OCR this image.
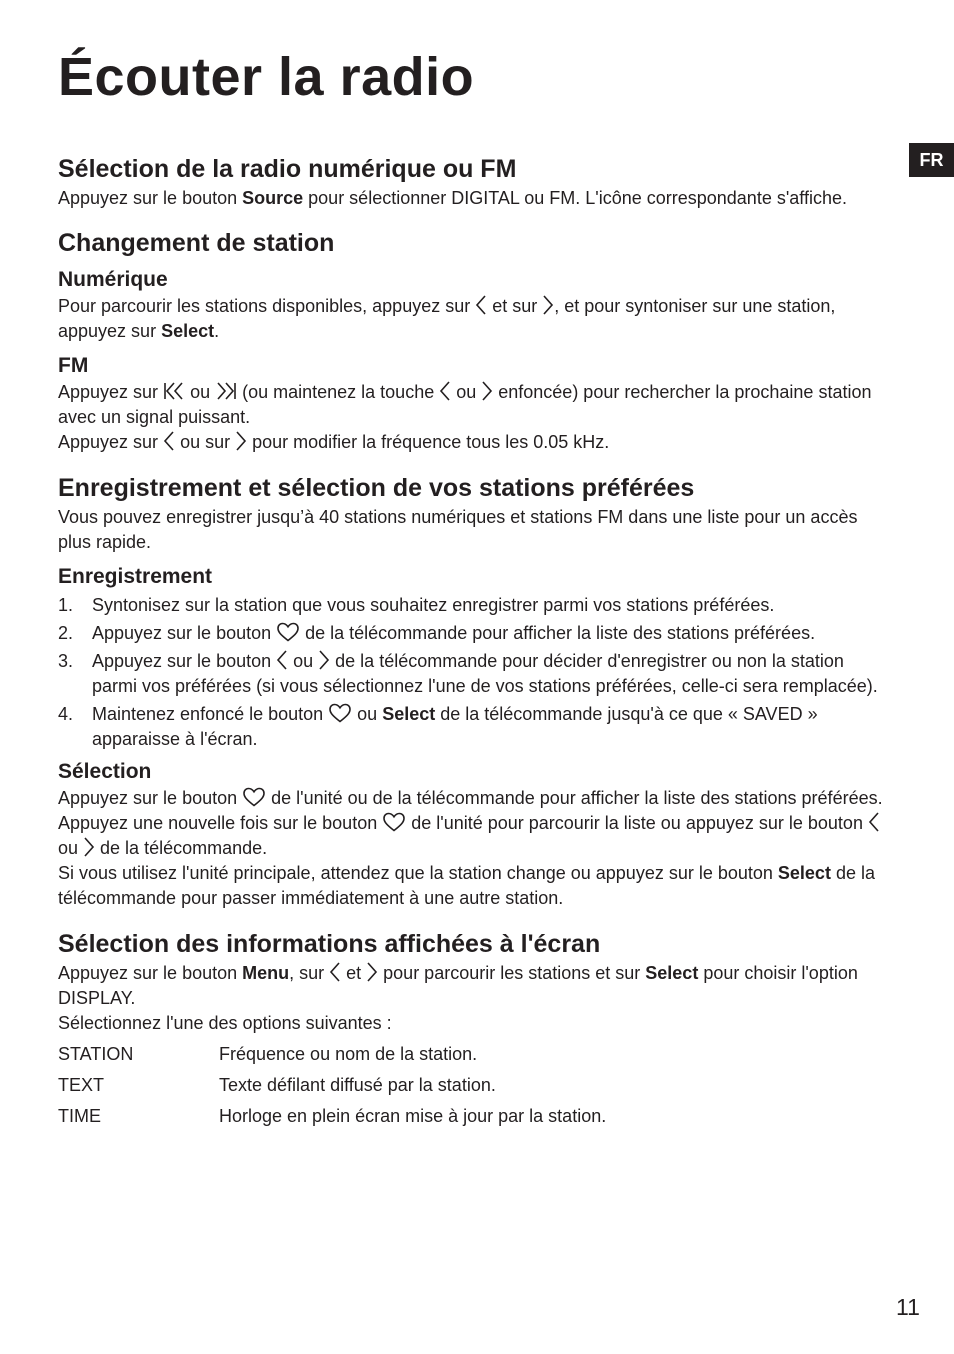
Écouter la radio
FR
Sélection de la radio numérique ou FM

Appuyez sur le bouton Source pour sélectionner DIGITAL ou FM. L'icône correspondante s'affiche.

Changement de station
Numérique

Pour parcourir les stations disponibles, appuyez sur
et sur
, et pour syntoniser sur une station, appuyez sur Select.

FM

Appuyez sur
ou
(ou maintenez la touche
ou
enfoncée) pour rechercher la prochaine station avec un signal puissant.

Appuyez sur
ou sur
pour modifier la fréquence tous les 0.05 kHz.

Enregistrement et sélection de vos stations préférées

Vous pouvez enregistrer jusqu’à 40 stations numériques et stations FM dans une liste pour un accès plus rapide.

Enregistrement
1. Syntonisez sur la station que vous souhaitez enregistrer parmi vos stations préférées.
2. Appuyez sur le bouton
de la télécommande pour afficher la liste des stations préférées.
3. Appuyez sur le bouton
ou
de la télécommande pour décider d'enregistrer ou non la station parmi vos préférées (si vous sélectionnez l'une de vos stations préférées, celle-ci sera remplacée).
4. Maintenez enfoncé le bouton
ou Select de la télécommande jusqu'à ce que « SAVED » apparaisse à l'écran.
Sélection

Appuyez sur le bouton
de l'unité ou de la télécommande pour afficher la liste des stations préférées.

Appuyez une nouvelle fois sur le bouton
de l'unité pour parcourir la liste ou appuyez sur le bouton
ou
de la télécommande.

Si vous utilisez l'unité principale, attendez que la station change ou appuyez sur le bouton Select de la télécommande pour passer immédiatement à une autre station.

Sélection des informations affichées à l'écran

Appuyez sur le bouton Menu, sur
et
pour parcourir les stations et sur Select pour choisir l'option DISPLAY.

Sélectionnez l'une des options suivantes :

STATION	Fréquence ou nom de la station.
TEXT	Texte défilant diffusé par la station.
TIME	Horloge en plein écran mise à jour par la station.
11
